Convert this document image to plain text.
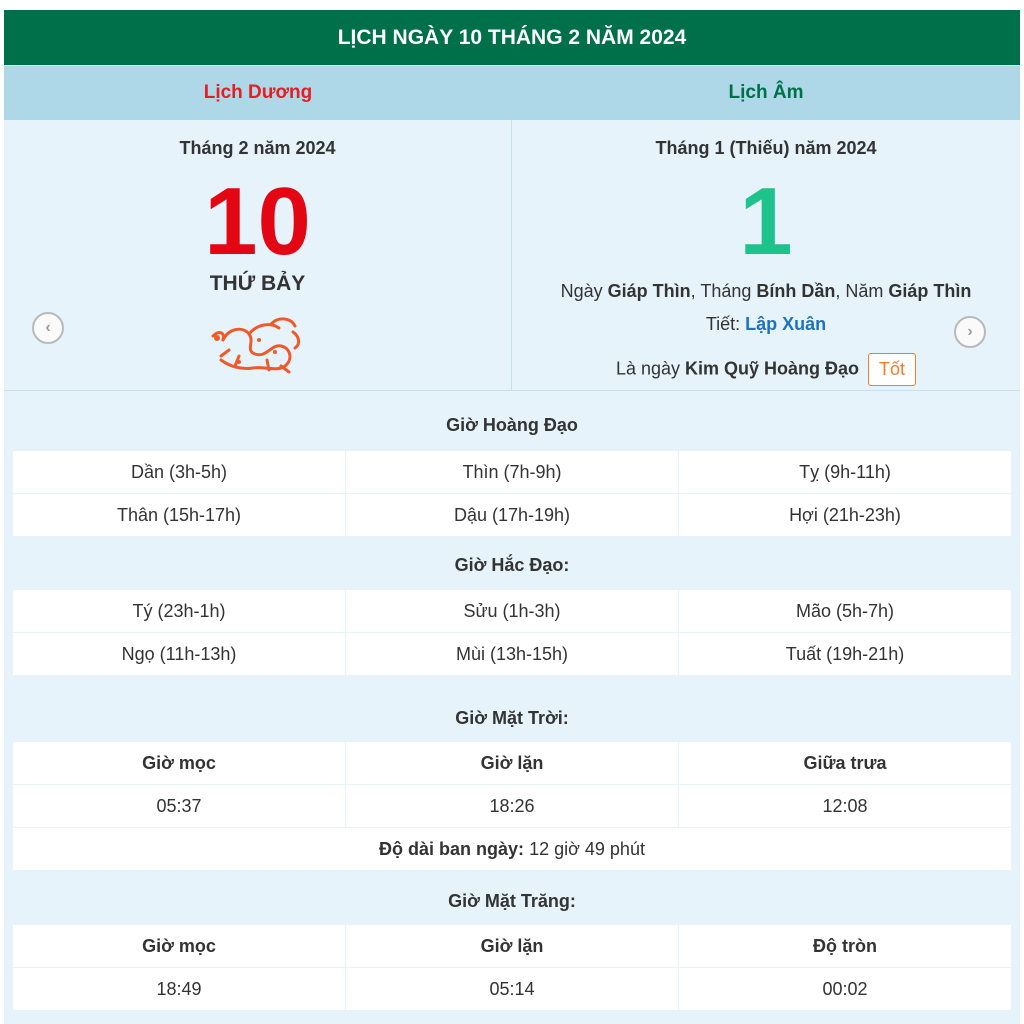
LỊCH NGÀY 10 THÁNG 2 NĂM 2024
Lịch Dương	Lịch Âm
Tháng 2 năm 2024
‹
10
THỨ BẢY
Tháng 1 (Thiếu) năm 2024
1
›
Ngày Giáp Thìn, Tháng Bính Dần, Năm Giáp Thìn
Tiết: Lập Xuân
Là ngày Kim Quỹ Hoàng Đạo Tốt
Giờ Hoàng Đạo
Dần (3h-5h)	Thìn (7h-9h)	Tỵ (9h-11h)
Thân (15h-17h)	Dậu (17h-19h)	Hợi (21h-23h)
Giờ Hắc Đạo:
Tý (23h-1h)	Sửu (1h-3h)	Mão (5h-7h)
Ngọ (11h-13h)	Mùi (13h-15h)	Tuất (19h-21h)
Giờ Mặt Trời:
Giờ mọc	Giờ lặn	Giữa trưa
05:37	18:26	12:08
Độ dài ban ngày: 12 giờ 49 phút		
Giờ Mặt Trăng:
Giờ mọc	Giờ lặn	Độ tròn
18:49	05:14	00:02
